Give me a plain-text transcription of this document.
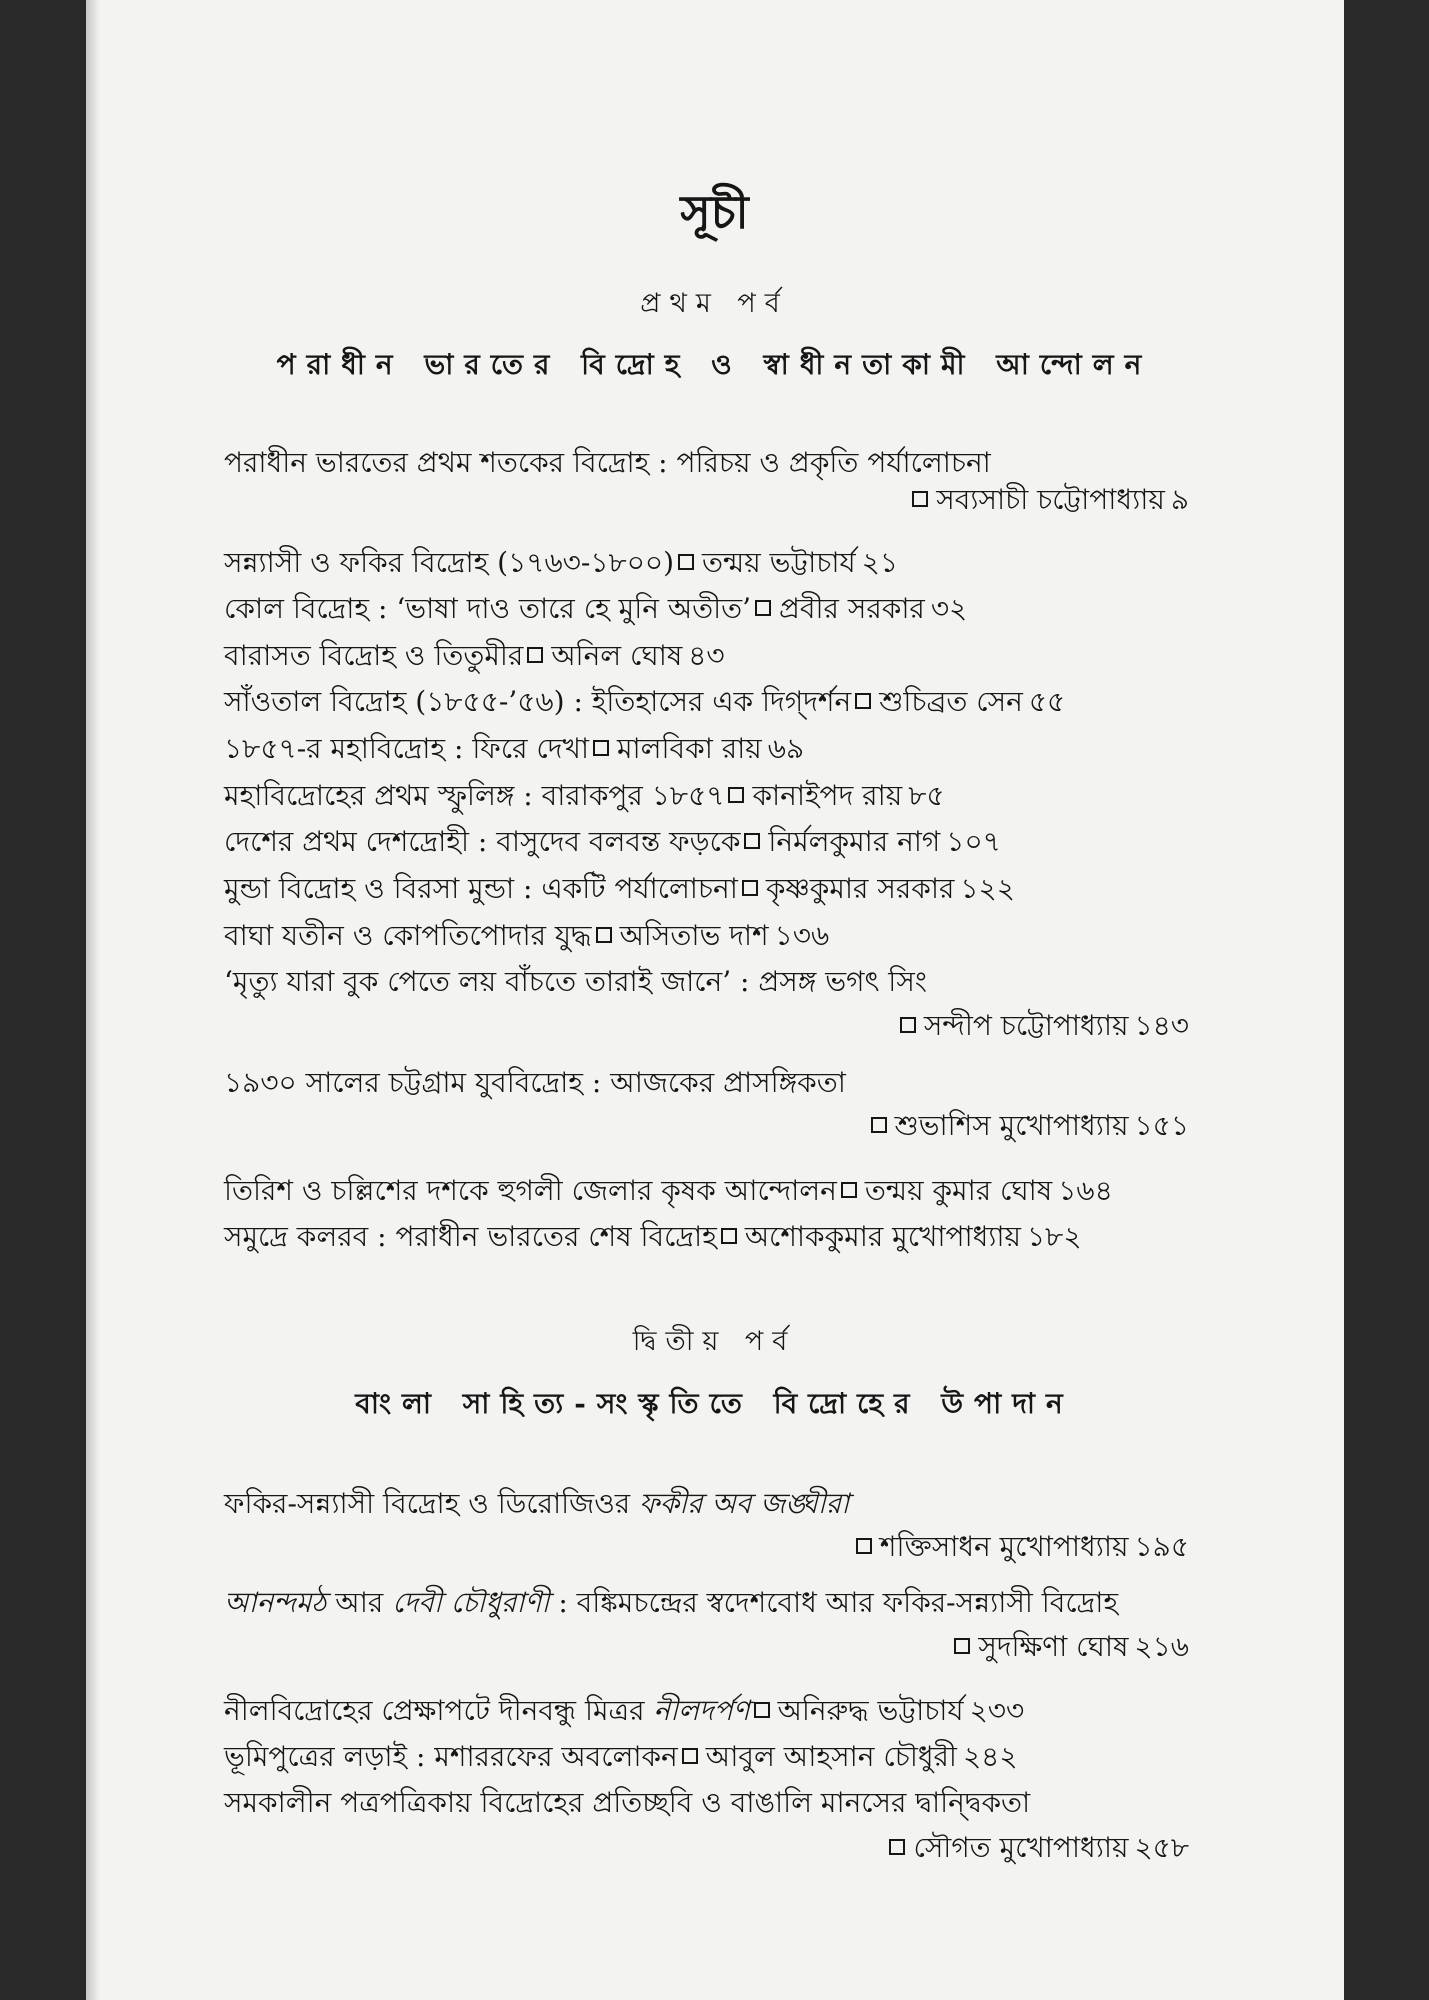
সূচী
প্রথম পর্ব
পরাধীন ভারতের বিদ্রোহ ও স্বাধীনতাকামী আন্দোলন
পরাধীন ভারতের প্রথম শতকের বিদ্রোহ : পরিচয় ও প্রকৃতি পর্যালোচনা
সব্যসাচী চট্টোপাধ্যায় ৯
সন্ন্যাসী ও ফকির বিদ্রোহ (১৭৬৩-১৮০০) তন্ময় ভট্টাচার্য ২১
কোল বিদ্রোহ : ‘ভাষা দাও তারে হে মুনি অতীত’ প্রবীর সরকার ৩২
বারাসত বিদ্রোহ ও তিতুমীর অনিল ঘোষ ৪৩
সাঁওতাল বিদ্রোহ (১৮৫৫-’৫৬) : ইতিহাসের এক দিগ্‌দর্শন শুচিব্রত সেন ৫৫
১৮৫৭-র মহাবিদ্রোহ : ফিরে দেখা মালবিকা রায় ৬৯
মহাবিদ্রোহের প্রথম স্ফুলিঙ্গ : বারাকপুর ১৮৫৭ কানাইপদ রায় ৮৫
দেশের প্রথম দেশদ্রোহী : বাসুদেব বলবন্ত ফড়কে নির্মলকুমার নাগ ১০৭
মুন্ডা বিদ্রোহ ও বিরসা মুন্ডা : একটি পর্যালোচনা কৃষ্ণকুমার সরকার ১২২
বাঘা যতীন ও কোপতিপোদার যুদ্ধ অসিতাভ দাশ ১৩৬
‘মৃত্যু যারা বুক পেতে লয় বাঁচতে তারাই জানে’ : প্রসঙ্গ ভগৎ সিং
সন্দীপ চট্টোপাধ্যায় ১৪৩
১৯৩০ সালের চট্টগ্রাম যুববিদ্রোহ : আজকের প্রাসঙ্গিকতা
শুভাশিস মুখোপাধ্যায় ১৫১
তিরিশ ও চল্লিশের দশকে হুগলী জেলার কৃষক আন্দোলন তন্ময় কুমার ঘোষ ১৬৪
সমুদ্রে কলরব : পরাধীন ভারতের শেষ বিদ্রোহ অশোককুমার মুখোপাধ্যায় ১৮২
দ্বিতীয় পর্ব
বাংলা সাহিত্য-সংস্কৃতিতে বিদ্রোহের উপাদান
ফকির-সন্ন্যাসী বিদ্রোহ ও ডিরোজিওর ফকীর অব জঙ্ঘীরা
শক্তিসাধন মুখোপাধ্যায় ১৯৫
আনন্দমঠ আর দেবী চৌধুরাণী : বঙ্কিমচন্দ্রের স্বদেশবোধ আর ফকির-সন্ন্যাসী বিদ্রোহ
সুদক্ষিণা ঘোষ ২১৬
নীলবিদ্রোহের প্রেক্ষাপটে দীনবন্ধু মিত্রর নীলদর্পণ অনিরুদ্ধ ভট্টাচার্য ২৩৩
ভূমিপুত্রের লড়াই : মশাররফের অবলোকন আবুল আহসান চৌধুরী ২৪২
সমকালীন পত্রপত্রিকায় বিদ্রোহের প্রতিচ্ছবি ও বাঙালি মানসের দ্বান্দ্বিকতা
সৌগত মুখোপাধ্যায় ২৫৮
